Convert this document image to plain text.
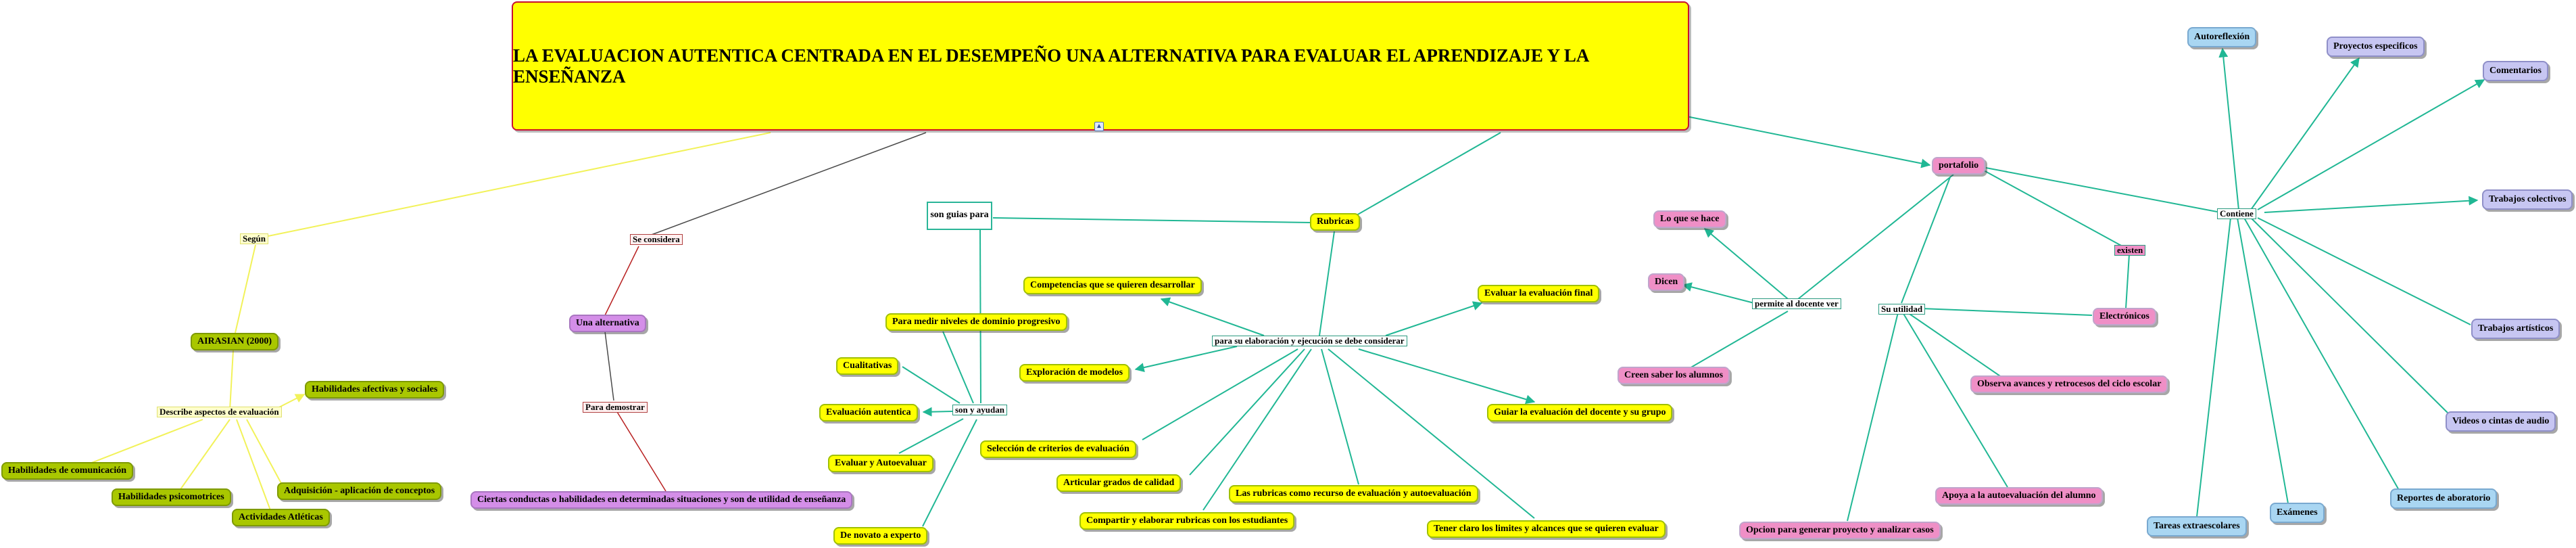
LA EVALUACION AUTENTICA CENTRADA EN EL DESEMPEÑO UNA ALTERNATIVA PARA EVALUAR EL APRENDIZAJE Y LA ENSEÑANZA
▲
Según
AIRASIAN (2000)
Describe aspectos de evaluación
Habilidades afectivas y sociales
Habilidades de comunicación
Habilidades psicomotrices
Adquisición - aplicación de conceptos
Actividades Atléticas
Se considera
Una alternativa
Para demostrar
Ciertas conductas o habilidades en determinadas situaciones y son de utilidad de enseñanza
Rubricas
son guias para
Para medir niveles de dominio progresivo
Cualitativas
Evaluación autentica	son y ayudan
Evaluar y Autoevaluar
De novato a experto
para su elaboración y ejecución se debe considerar
Competencias que se quieren desarrollar
Exploración de modelos
Selección de criterios de evaluación
Articular grados de calidad
Compartir y elaborar rubricas con los estudiantes
Las rubricas como recurso de evaluación y autoevaluación
Tener claro los limites y alcances que se quieren evaluar
Guiar la evaluación del docente y su grupo
Evaluar la evaluación final
portafolio
permite al docente ver
Lo que se hace
Dicen
Creen saber los alumnos
Su utilidad
existen
Electrónicos
Observa avances y retrocesos del ciclo escolar
Apoya a la autoevaluación del alumno
Opcion para generar proyecto y analizar casos
Contiene
Autoreflexión
Proyectos especificos
Comentarios
Trabajos colectivos
Trabajos artísticos
Videos o cintas de audio
Reportes de aboratorio
Exámenes
Tareas extraescolares
